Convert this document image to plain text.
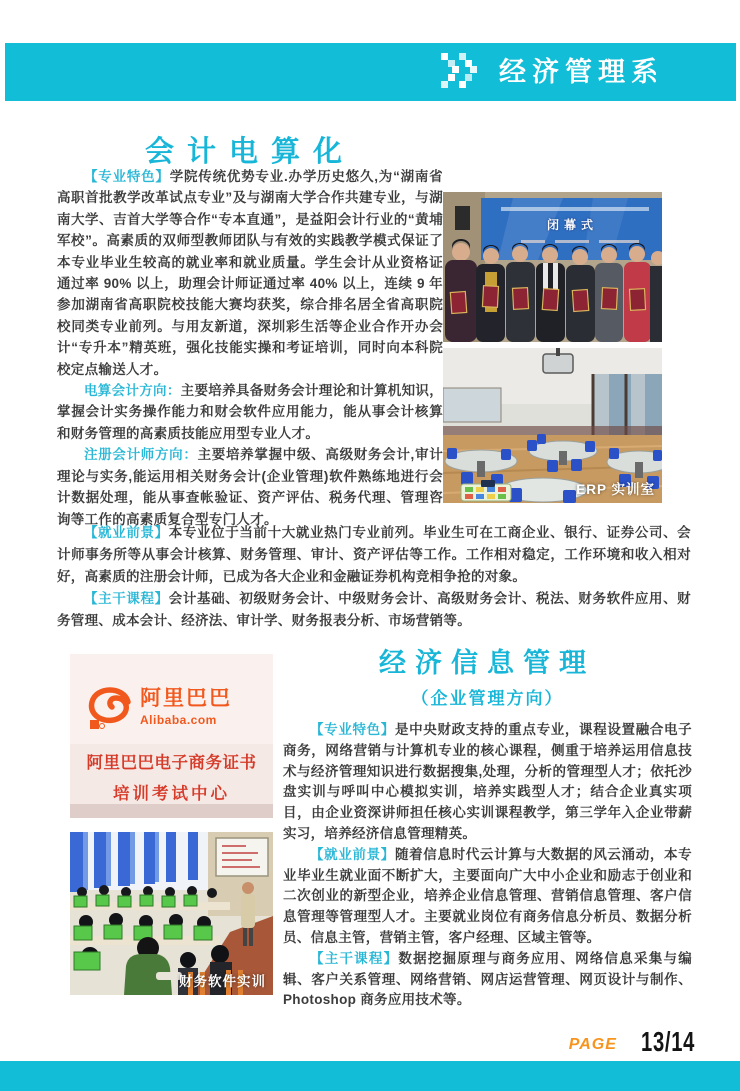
经济管理系
会计电算化

【专业特色】学院传统优势专业.办学历史悠久,为“湖南省高职首批教学改革试点专业”及与湖南大学合作共建专业，与湖南大学、吉首大学等合作“专本直通”，是益阳会计行业的“黄埔军校”。高素质的双师型教师团队与有效的实践教学模式保证了本专业毕业生较高的就业率和就业质量。学生会计从业资格证通过率 90% 以上，助理会计师证通过率 40% 以上，连续 9 年参加湖南省高职院校技能大赛均获奖，综合排名居全省高职院校同类专业前列。与用友新道，深圳彩生活等企业合作开办会计“专升本”精英班，强化技能实操和考证培训，同时向本科院校定点输送人才。

电算会计方向：主要培养具备财务会计理论和计算机知识，掌握会计实务操作能力和财会软件应用能力，能从事会计核算和财务管理的高素质技能应用型专业人才。

注册会计师方向：主要培养掌握中级、高级财务会计,审计理论与实务,能运用相关财务会计(企业管理)软件熟练地进行会计数据处理，能从事查帐验证、资产评估、税务代理、管理咨询等工作的高素质复合型专门人才。

闭幕式
ERP 实训室

【就业前景】本专业位于当前十大就业热门专业前列。毕业生可在工商企业、银行、证券公司、会计师事务所等从事会计核算、财务管理、审计、资产评估等工作。工作相对稳定，工作环境和收入相对好，高素质的注册会计师，已成为各大企业和金融证券机构竞相争抢的对象。

【主干课程】会计基础、初级财务会计、中级财务会计、高级财务会计、税法、财务软件应用、财务管理、成本会计、经济法、审计学、财务报表分析、市场营销等。

阿里巴巴
Alibaba.com
阿里巴巴电子商务证书
培训考试中心
财务软件实训
经济信息管理
（企业管理方向）

【专业特色】是中央财政支持的重点专业，课程设置融合电子商务，网络营销与计算机专业的核心课程，侧重于培养运用信息技术与经济管理知识进行数据搜集,处理，分析的管理型人才；依托沙盘实训与呼叫中心模拟实训，培养实践型人才；结合企业真实项目，由企业资深讲师担任核心实训课程教学，第三学年入企业带薪实习，培养经济信息管理精英。

【就业前景】随着信息时代云计算与大数据的风云涌动，本专业毕业生就业面不断扩大，主要面向广大中小企业和励志于创业和二次创业的新型企业，培养企业信息管理、营销信息管理、客户信息管理等管理型人才。主要就业岗位有商务信息分析员、数据分析员、信息主管，营销主管，客户经理、区域主管等。

【主干课程】数据挖掘原理与商务应用、网络信息采集与编辑、客户关系管理、网络营销、网店运营管理、网页设计与制作、Photoshop 商务应用技术等。

PAGE 13/14
